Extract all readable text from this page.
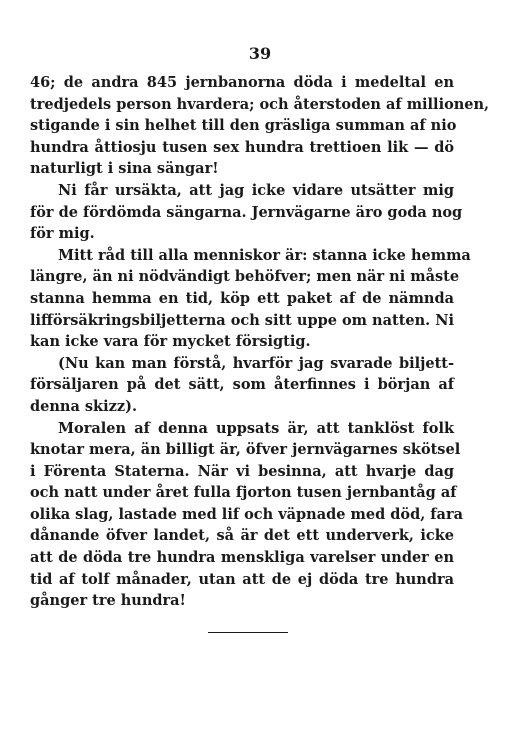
39
46; de andra 845 jernbanorna döda i medeltal en
tredjedels person hvardera; och återstoden af millionen,
stigande i sin helhet till den gräsliga summan af nio
hundra åttiosju tusen sex hundra trettioen lik — dö
naturligt i sina sängar!
Ni får ursäkta, att jag icke vidare utsätter mig
för de fördömda sängarna. Jernvägarne äro goda nog
för mig.
Mitt råd till alla menniskor är: stanna icke hemma
längre, än ni nödvändigt behöfver; men när ni måste
stanna hemma en tid, köp ett paket af de nämnda
lifförsäkringsbiljetterna och sitt uppe om natten. Ni
kan icke vara för mycket försigtig.
(Nu kan man förstå, hvarför jag svarade biljett-
försäljaren på det sätt, som återfinnes i början af
denna skizz).
Moralen af denna uppsats är, att tanklöst folk
knotar mera, än billigt är, öfver jernvägarnes skötsel
i Förenta Staterna. När vi besinna, att hvarje dag
och natt under året fulla fjorton tusen jernbantåg af
olika slag, lastade med lif och väpnade med död, fara
dånande öfver landet, så är det ett underverk, icke
att de döda tre hundra menskliga varelser under en
tid af tolf månader, utan att de ej döda tre hundra
gånger tre hundra!
